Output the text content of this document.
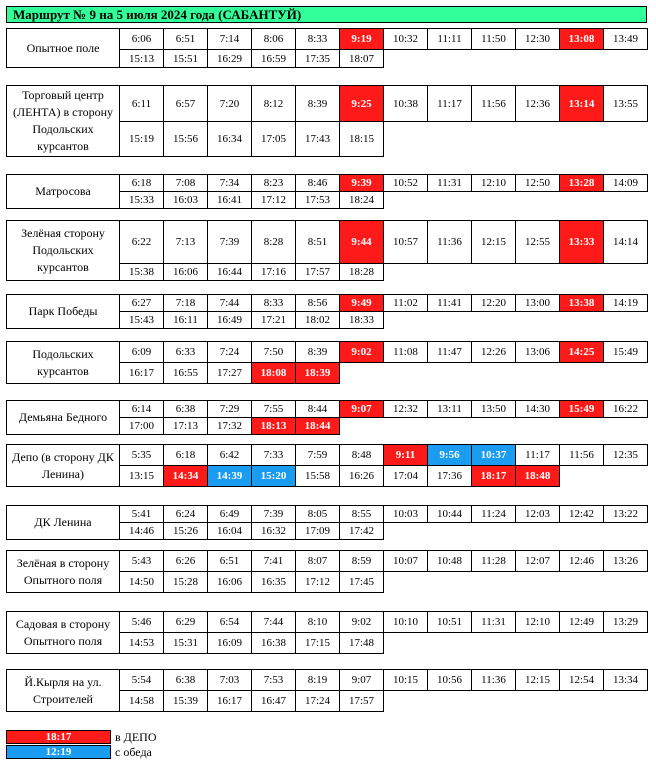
Маршрут № 9 на 5 июля 2024 года (САБАНТУЙ)
Опытное поле	6:06	6:51	7:14	8:06	8:33	9:19	10:32	11:11	11:50	12:30	13:08	13:49
	15:13	15:51	16:29	16:59	17:35	18:07						
Торговый центр (ЛЕНТА) в сторону Подольских курсантов	6:11	6:57	7:20	8:12	8:39	9:25	10:38	11:17	11:56	12:36	13:14	13:55
	15:19	15:56	16:34	17:05	17:43	18:15						
Матросова	6:18	7:08	7:34	8:23	8:46	9:39	10:52	11:31	12:10	12:50	13:28	14:09
	15:33	16:03	16:41	17:12	17:53	18:24						
Зелёная сторону Подольских курсантов	6:22	7:13	7:39	8:28	8:51	9:44	10:57	11:36	12:15	12:55	13:33	14:14
	15:38	16:06	16:44	17:16	17:57	18:28						
Парк Победы	6:27	7:18	7:44	8:33	8:56	9:49	11:02	11:41	12:20	13:00	13:38	14:19
	15:43	16:11	16:49	17:21	18:02	18:33						
Подольских курсантов	6:09	6:33	7:24	7:50	8:39	9:02	11:08	11:47	12:26	13:06	14:25	15:49
	16:17	16:55	17:27	18:08	18:39							
Демьяна Бедного	6:14	6:38	7:29	7:55	8:44	9:07	12:32	13:11	13:50	14:30	15:49	16:22
	17:00	17:13	17:32	18:13	18:44							
Депо (в сторону ДК Ленина)	5:35	6:18	6:42	7:33	7:59	8:48	9:11	9:56	10:37	11:17	11:56	12:35
	13:15	14:34	14:39	15:20	15:58	16:26	17:04	17:36	18:17	18:48		
ДК Ленина	5:41	6:24	6:49	7:39	8:05	8:55	10:03	10:44	11:24	12:03	12:42	13:22
	14:46	15:26	16:04	16:32	17:09	17:42						
Зелёная в сторону Опытного поля	5:43	6:26	6:51	7:41	8:07	8:59	10:07	10:48	11:28	12:07	12:46	13:26
	14:50	15:28	16:06	16:35	17:12	17:45						
Садовая в сторону Опытного поля	5:46	6:29	6:54	7:44	8:10	9:02	10:10	10:51	11:31	12:10	12:49	13:29
	14:53	15:31	16:09	16:38	17:15	17:48						
Й.Кырля на ул. Строителей	5:54	6:38	7:03	7:53	8:19	9:07	10:15	10:56	11:36	12:15	12:54	13:34
	14:58	15:39	16:17	16:47	17:24	17:57						
18:17	в ДЕПО
12:19	с обеда
